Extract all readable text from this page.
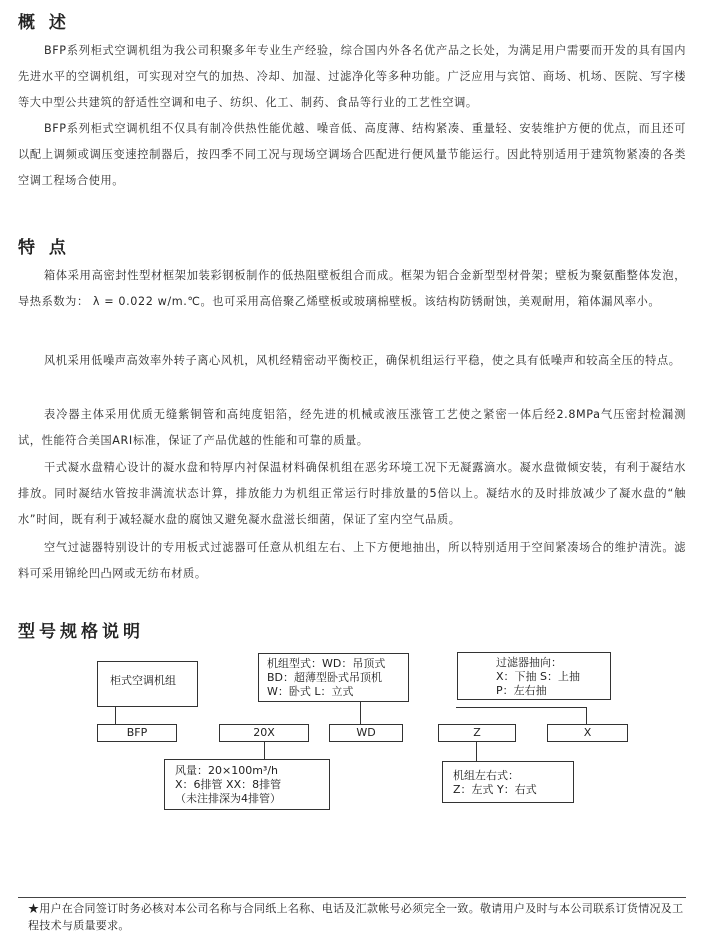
概 述
BFP系列柜式空调机组为我公司积聚多年专业生产经验，综合国内外各名优产品之长处，为满足用户需要而开发的具有国内先进水平的空调机组，可实现对空气的加热、冷却、加湿、过滤净化等多种功能。广泛应用与宾馆、商场、机场、医院、写字楼等大中型公共建筑的舒适性空调和电子、纺织、化工、制药、食品等行业的工艺性空调。
BFP系列柜式空调机组不仅具有制冷供热性能优越、噪音低、高度薄、结构紧凑、重量轻、安装维护方便的优点，而且还可以配上调频或调压变速控制器后，按四季不同工况与现场空调场合匹配进行便风量节能运行。因此特别适用于建筑物紧凑的各类空调工程场合使用。
特 点
箱体采用高密封性型材框架加装彩钢板制作的低热阻壁板组合而成。框架为铝合金新型型材骨架；壁板为聚氨酯整体发泡，导热系数为： λ = 0.022 w/m.℃。也可采用高倍聚乙烯壁板或玻璃棉壁板。该结构防锈耐蚀，美观耐用，箱体漏风率小。
风机采用低噪声高效率外转子离心风机，风机经精密动平衡校正，确保机组运行平稳，使之具有低噪声和较高全压的特点。
表冷器主体采用优质无缝紫铜管和高纯度铝箔，经先进的机械或液压涨管工艺使之紧密一体后经2.8MPa气压密封检漏测试，性能符合美国ARI标准，保证了产品优越的性能和可靠的质量。
干式凝水盘精心设计的凝水盘和特厚内衬保温材料确保机组在恶劣环境工况下无凝露滴水。凝水盘微倾安装，有利于凝结水排放。同时凝结水管按非满流状态计算，排放能力为机组正常运行时排放量的5倍以上。凝结水的及时排放减少了凝水盘的“触水”时间，既有利于减轻凝水盘的腐蚀又避免凝水盘滋长细菌，保证了室内空气品质。
空气过滤器特别设计的专用板式过滤器可任意从机组左右、上下方便地抽出，所以特别适用于空间紧凑场合的维护清洗。滤料可采用锦纶凹凸网或无纺布材质。
型号规格说明
柜式空调机组
机组型式：WD：吊顶式
BD：超薄型卧式吊顶机
W：卧式 L：立式
过滤器抽向：
X：下抽 S：上抽
P：左右抽
BFP	20X	WD	Z	X
风量：20×100m³/h
X：6排管 XX：8排管
（未注排深为4排管）
机组左右式：
Z：左式 Y：右式
★用户在合同签订时务必核对本公司名称与合同纸上名称、电话及汇款帐号必须完全一致。敬请用户及时与本公司联系订货情况及工程技术与质量要求。
